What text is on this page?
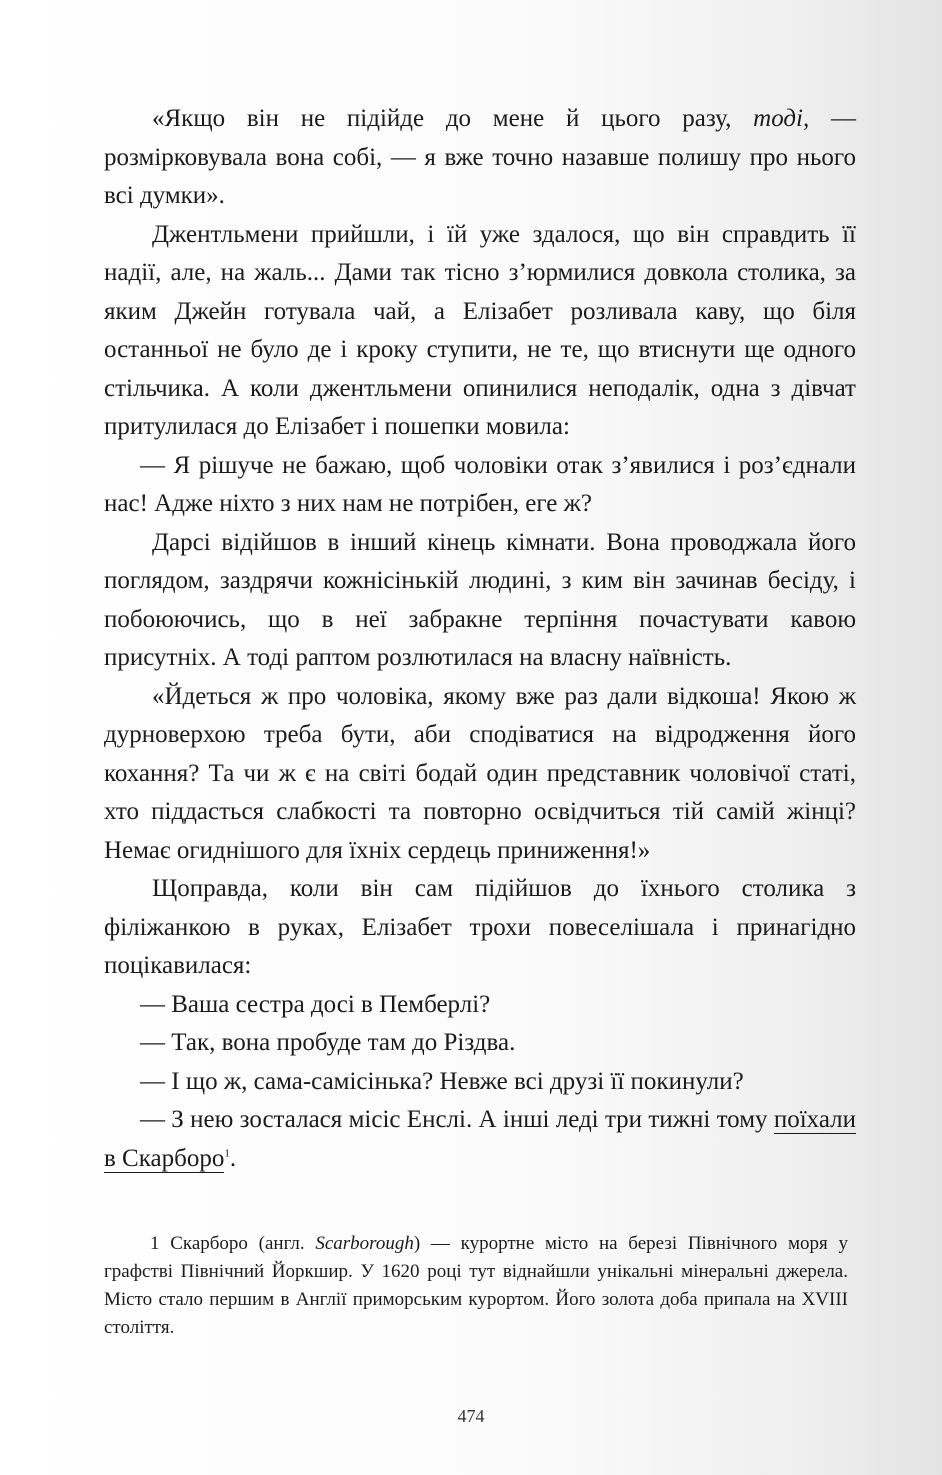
«Якщо він не підійде до мене й цього разу, тоді, — розмірковувала вона собі, — я вже точно назавше полишу про нього всі думки».

Джентльмени прийшли, і їй уже здалося, що він справдить її надії, але, на жаль... Дами так тісно з’юрмилися довкола столика, за яким Джейн готувала чай, а Елізабет розливала каву, що біля останньої не було де і кроку ступити, не те, що втиснути ще одного стільчика. А коли джентльмени опинилися неподалік, одна з дівчат притулилася до Елізабет і пошепки мовила:

— Я рішуче не бажаю, щоб чоловіки отак з’явилися і роз’єднали нас! Адже ніхто з них нам не потрібен, еге ж?

Дарсі відійшов в інший кінець кімнати. Вона проводжала його поглядом, заздрячи кожнісінькій людині, з ким він зачинав бесіду, і побоюючись, що в неї забракне терпіння почастувати кавою присутніх. А тоді раптом розлютилася на власну наївність.

«Йдеться ж про чоловіка, якому вже раз дали відкоша! Якою ж дурноверхою треба бути, аби сподіватися на відродження його кохання? Та чи ж є на світі бодай один представник чоловічої статі, хто піддасться слабкості та повторно освідчиться тій самій жінці? Немає огиднішого для їхніх сердець приниження!»

Щоправда, коли він сам підійшов до їхнього столика з філіжанкою в руках, Елізабет трохи повеселішала і принагідно поцікавилася:

— Ваша сестра досі в Пемберлі?

— Так, вона пробуде там до Різдва.

— І що ж, сама-самісінька? Невже всі друзі її покинули?

— З нею зосталася місіс Енслі. А інші леді три тижні тому поїхали в Скарборо$^1$.

1 Скарборо (англ. Scarborough) — курортне місто на березі Північного моря у графстві Північний Йоркшир. У 1620 році тут віднайшли унікальні мінеральні джерела. Місто стало першим в Англії приморським курортом. Його золота доба припала на XVIII століття.
474
